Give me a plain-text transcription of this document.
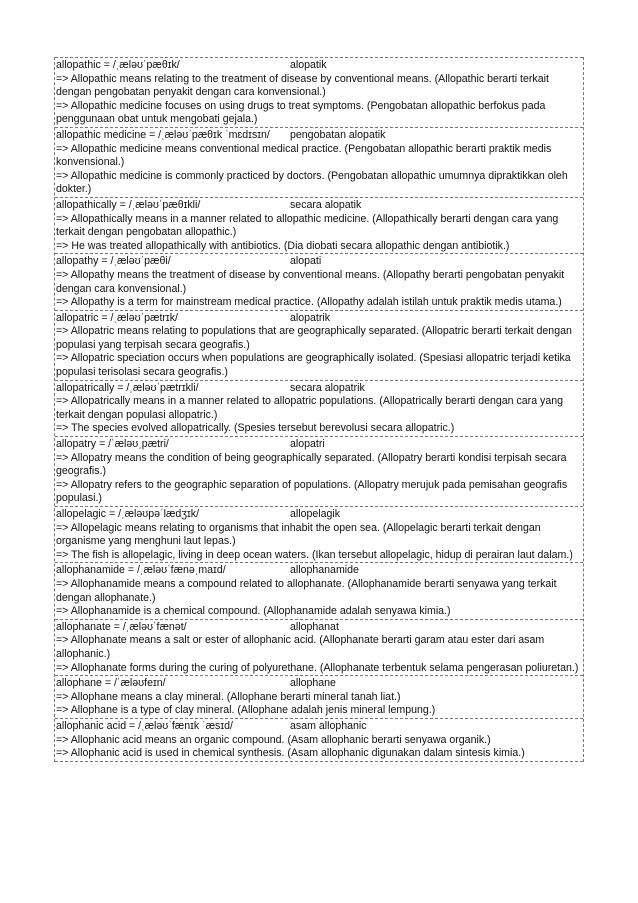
allopathic = /ˌæləʊˈpæθɪk/	alopatik
=> Allopathic means relating to the treatment of disease by conventional means. (Allopathic berarti terkait dengan pengobatan penyakit dengan cara konvensional.)
=> Allopathic medicine focuses on using drugs to treat symptoms. (Pengobatan allopathic berfokus pada penggunaan obat untuk mengobati gejala.)
allopathic medicine = /ˌæləʊˈpæθɪk ˈmɛdɪsɪn/	pengobatan alopatik
=> Allopathic medicine means conventional medical practice. (Pengobatan allopathic berarti praktik medis konvensional.)
=> Allopathic medicine is commonly practiced by doctors. (Pengobatan allopathic umumnya dipraktikkan oleh dokter.)
allopathically = /ˌæləʊˈpæθɪkli/	secara alopatik
=> Allopathically means in a manner related to allopathic medicine. (Allopathically berarti dengan cara yang terkait dengan pengobatan allopathic.)
=> He was treated allopathically with antibiotics. (Dia diobati secara allopathic dengan antibiotik.)
allopathy = /ˌæləʊˈpæθi/	alopati
=> Allopathy means the treatment of disease by conventional means. (Allopathy berarti pengobatan penyakit dengan cara konvensional.)
=> Allopathy is a term for mainstream medical practice. (Allopathy adalah istilah untuk praktik medis utama.)
allopatric = /ˌæləʊˈpætrɪk/	alopatrik
=> Allopatric means relating to populations that are geographically separated. (Allopatric berarti terkait dengan populasi yang terpisah secara geografis.)
=> Allopatric speciation occurs when populations are geographically isolated. (Spesiasi allopatric terjadi ketika populasi terisolasi secara geografis.)
allopatrically = /ˌæləʊˈpætrɪkli/	secara alopatrik
=> Allopatrically means in a manner related to allopatric populations. (Allopatrically berarti dengan cara yang terkait dengan populasi allopatric.)
=> The species evolved allopatrically. (Spesies tersebut berevolusi secara allopatric.)
allopatry = /ˈæləʊˌpætri/	alopatri
=> Allopatry means the condition of being geographically separated. (Allopatry berarti kondisi terpisah secara geografis.)
=> Allopatry refers to the geographic separation of populations. (Allopatry merujuk pada pemisahan geografis populasi.)
allopelagic = /ˌæləʊpəˈlædʒɪk/	allopelagik
=> Allopelagic means relating to organisms that inhabit the open sea. (Allopelagic berarti terkait dengan organisme yang menghuni laut lepas.)
=> The fish is allopelagic, living in deep ocean waters. (Ikan tersebut allopelagic, hidup di perairan laut dalam.)
allophanamide = /ˌæləʊˈfænəˌmaɪd/	allophanamide
=> Allophanamide means a compound related to allophanate. (Allophanamide berarti senyawa yang terkait dengan allophanate.)
=> Allophanamide is a chemical compound. (Allophanamide adalah senyawa kimia.)
allophanate = /ˌæləʊˈfænət/	allophanat
=> Allophanate means a salt or ester of allophanic acid. (Allophanate berarti garam atau ester dari asam allophanic.)
=> Allophanate forms during the curing of polyurethane. (Allophanate terbentuk selama pengerasan poliuretan.)
allophane = /ˈæləʊfeɪn/	allophane
=> Allophane means a clay mineral. (Allophane berarti mineral tanah liat.)
=> Allophane is a type of clay mineral. (Allophane adalah jenis mineral lempung.)
allophanic acid = /ˌæləʊˈfænɪk ˈæsɪd/	asam allophanic
=> Allophanic acid means an organic compound. (Asam allophanic berarti senyawa organik.)
=> Allophanic acid is used in chemical synthesis. (Asam allophanic digunakan dalam sintesis kimia.)
